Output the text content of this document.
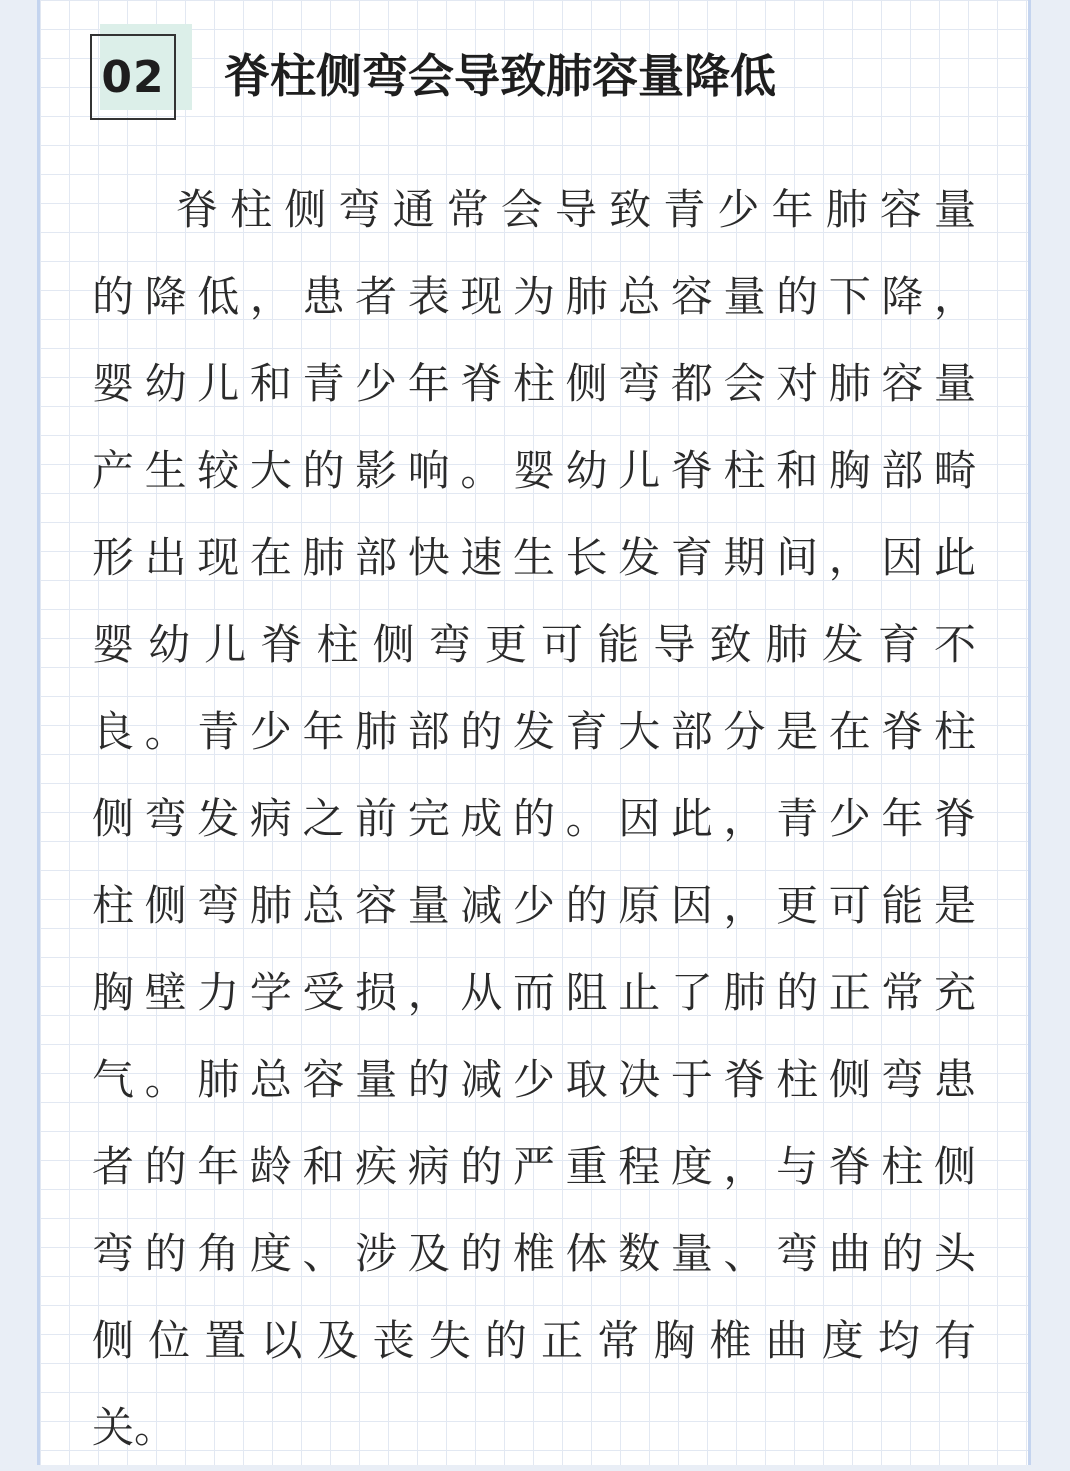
02 脊柱侧弯会导致肺容量降低
脊柱侧弯通常会导致青少年肺容量
的降低，患者表现为肺总容量的下降，
婴幼儿和青少年脊柱侧弯都会对肺容量
产生较大的影响。婴幼儿脊柱和胸部畸
形出现在肺部快速生长发育期间，因此
婴幼儿脊柱侧弯更可能导致肺发育不
良。青少年肺部的发育大部分是在脊柱
侧弯发病之前完成的。因此，青少年脊
柱侧弯肺总容量减少的原因，更可能是
胸壁力学受损，从而阻止了肺的正常充
气。肺总容量的减少取决于脊柱侧弯患
者的年龄和疾病的严重程度，与脊柱侧
弯的角度、涉及的椎体数量、弯曲的头
侧位置以及丧失的正常胸椎曲度均有
关。
